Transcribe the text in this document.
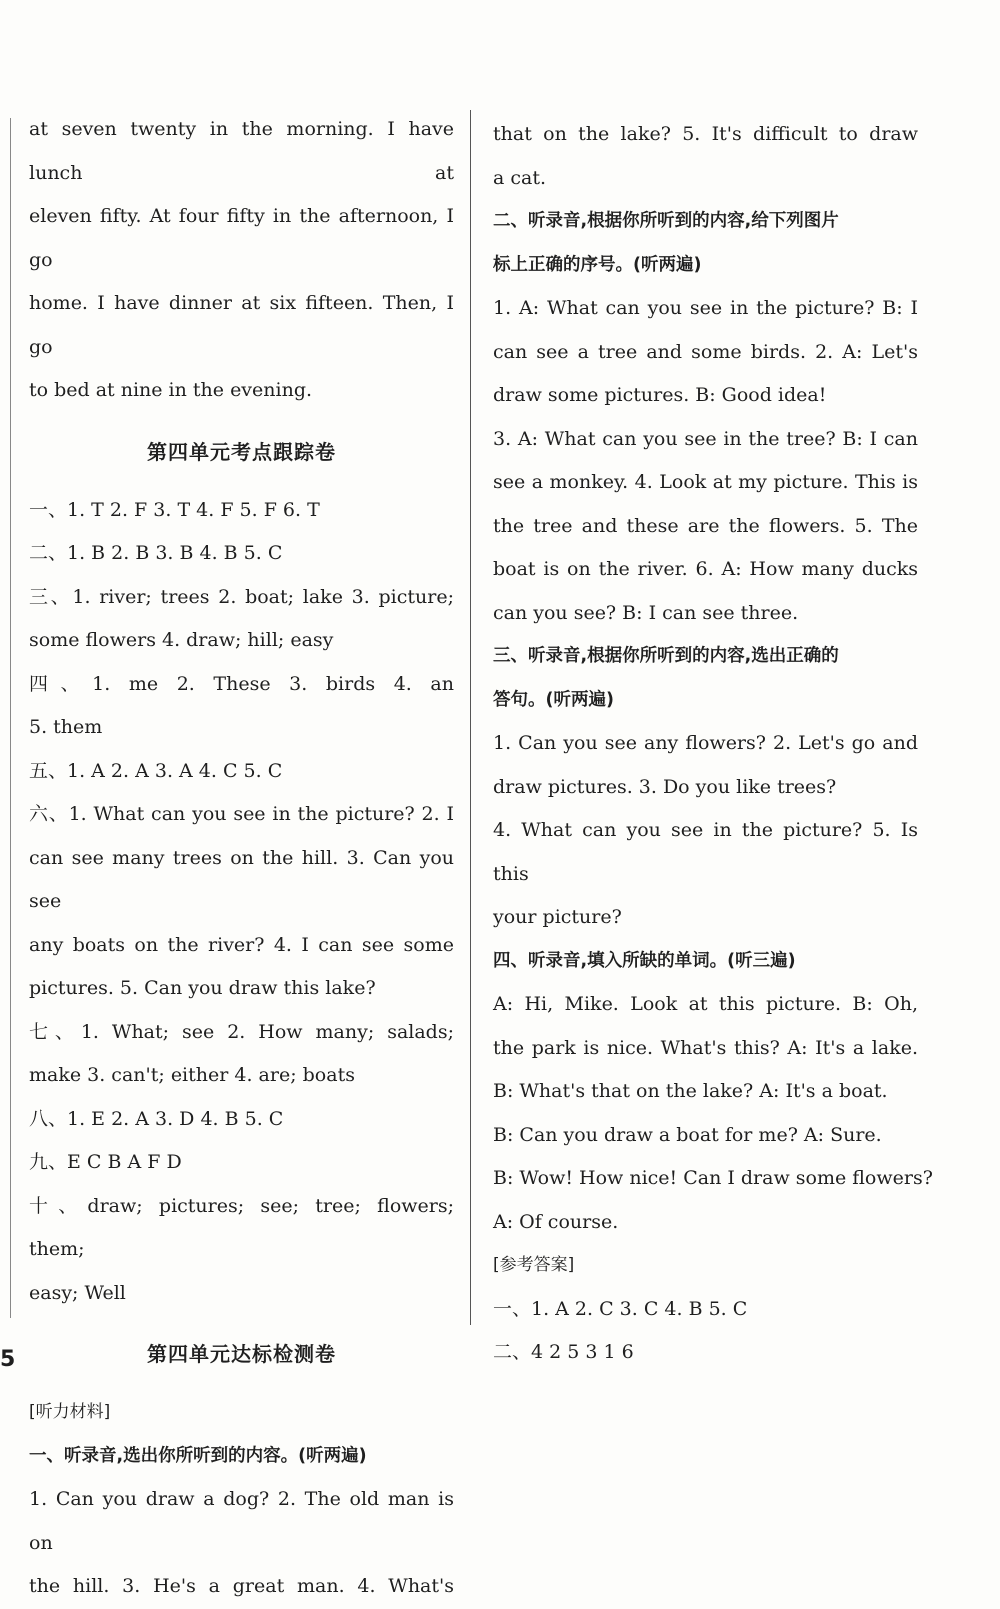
at seven twenty in the morning. I have lunch at
eleven fifty. At four fifty in the afternoon, I go
home. I have dinner at six fifteen. Then, I go
to bed at nine in the evening.
第四单元考点跟踪卷
一、1. T 2. F 3. T 4. F 5. F 6. T
二、1. B 2. B 3. B 4. B 5. C
三、1. river; trees 2. boat; lake 3. picture;
some flowers 4. draw; hill; easy
四、1. me 2. These 3. birds 4. an
5. them
五、1. A 2. A 3. A 4. C 5. C
六、1. What can you see in the picture? 2. I
can see many trees on the hill. 3. Can you see
any boats on the river? 4. I can see some
pictures. 5. Can you draw this lake?
七、1. What; see 2. How many; salads;
make 3. can't; either 4. are; boats
八、1. E 2. A 3. D 4. B 5. C
九、E C B A F D
十、draw; pictures; see; tree; flowers; them;
easy; Well
第四单元达标检测卷
[听力材料]
一、听录音,选出你所听到的内容。(听两遍)
1. Can you draw a dog? 2. The old man is on
the hill. 3. He's a great man. 4. What's
that on the lake? 5. It's difficult to draw
a cat.
二、听录音,根据你所听到的内容,给下列图片
标上正确的序号。(听两遍)
1. A: What can you see in the picture? B: I
can see a tree and some birds. 2. A: Let's
draw some pictures. B: Good idea!
3. A: What can you see in the tree? B: I can
see a monkey. 4. Look at my picture. This is
the tree and these are the flowers. 5. The
boat is on the river. 6. A: How many ducks
can you see? B: I can see three.
三、听录音,根据你所听到的内容,选出正确的
答句。(听两遍)
1. Can you see any flowers? 2. Let's go and
draw pictures. 3. Do you like trees?
4. What can you see in the picture? 5. Is this
your picture?
四、听录音,填入所缺的单词。(听三遍)
A: Hi, Mike. Look at this picture. B: Oh,
the park is nice. What's this? A: It's a lake.
B: What's that on the lake? A: It's a boat.
B: Can you draw a boat for me? A: Sure.
B: Wow! How nice! Can I draw some flowers?
A: Of course.
[参考答案]
一、1. A 2. C 3. C 4. B 5. C
二、4 2 5 3 1 6
5
